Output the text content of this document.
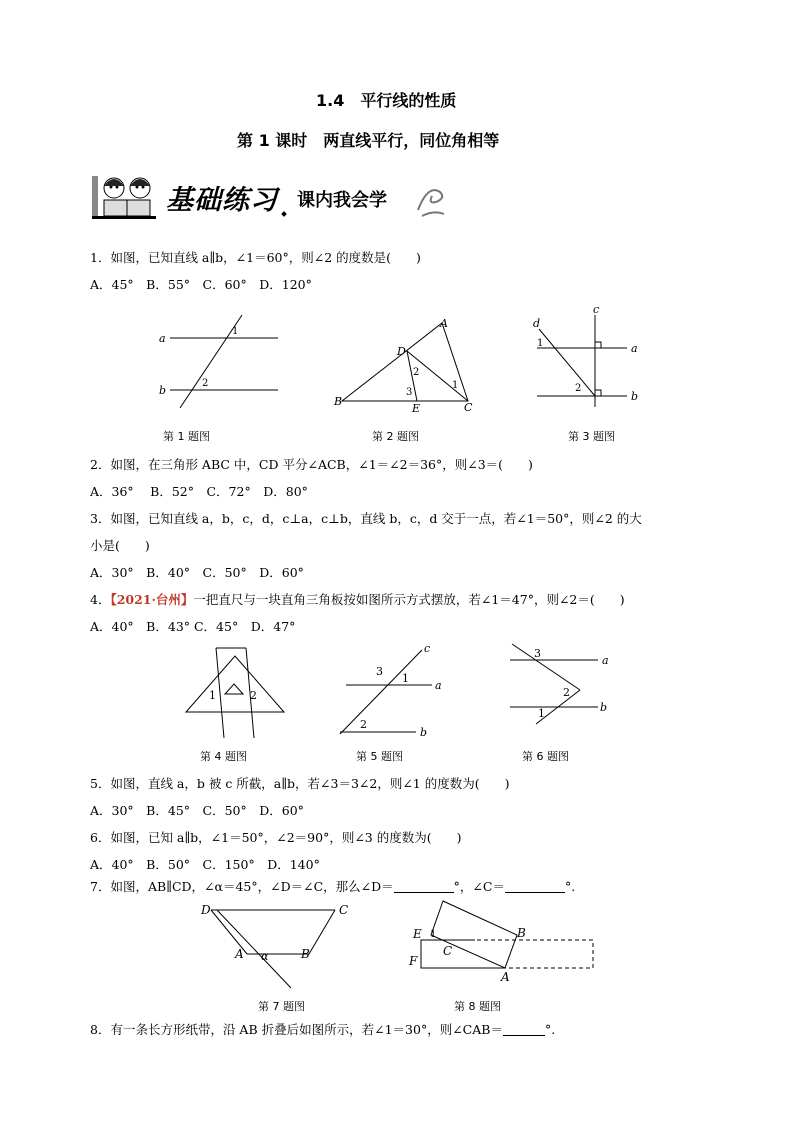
1.4　平行线的性质
第 1 课时　两直线平行，同位角相等
基础练习 课内我会学
1．如图，已知直线 a∥b，∠1＝60°，则∠2 的度数是(　　)
A．45°　B．55°　C．60°　D．120°
a
b
1
2
A
B	C
D
E
1
2
3
c
d
a
b
1
2
第 1 题图	第 2 题图	第 3 题图
2．如图，在三角形 ABC 中，CD 平分∠ACB，∠1＝∠2＝36°，则∠3＝(　　)
A．36°　 B．52°　C．72°　D．80°
3．如图，已知直线 a，b，c，d，c⊥a，c⊥b，直线 b，c，d 交于一点，若∠1＝50°，则∠2 的大
小是(　　)
A．30°　B．40°　C．50°　D．60°
4．【2021·台州】一把直尺与一块直角三角板按如图所示方式摆放，若∠1＝47°，则∠2＝(　　)
A．40°　B．43° C．45°　D．47°
1	2
c
a
b
1
2
3
a
b
1
2
3
第 4 题图	第 5 题图	第 6 题图
5．如图，直线 a，b 被 c 所截，a∥b，若∠3＝3∠2，则∠1 的度数为(　　)
A．30°　B．45°　C．50°　D．60°
6．如图，已知 a∥b，∠1＝50°，∠2＝90°，则∠3 的度数为(　　)
A．40°　B．50°　C．150°　D．140°
7．如图，AB∥CD，∠α＝45°，∠D＝∠C，那么∠D＝	°，∠C＝	°.
D	C
A	B
α
E
F
C
B
A
1
第 7 题图	第 8 题图
8．有一条长方形纸带，沿 AB 折叠后如图所示，若∠1＝30°，则∠CAB＝	°.
